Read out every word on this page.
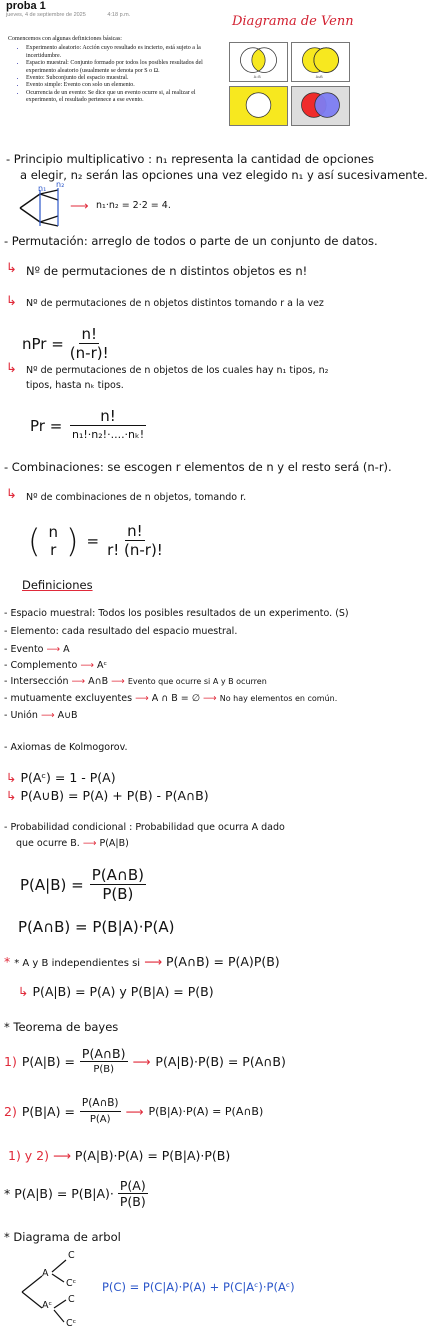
proba 1
jueves, 4 de septiembre de 2025	4:18 p.m.
Comencemos con algunas definiciones básicas:
• Experimento aleatorio: Acción cuyo resultado es incierto, está sujeto a la incertidumbre.
• Espacio muestral: Conjunto formado por todos los posibles resultados del experimento aleatorio (usualmente se denota por S o Ω.
• Evento: Subconjunto del espacio muestral.
• Evento simple: Evento con solo un elemento.
• Ocurrencia de un evento: Se dice que un evento ocurre si, al realizar el experimento, el resultado pertenece a ese evento.
Diagrama de Venn
A∩B	A∪B
- Principio multiplicativo : n₁ representa la cantidad de opciones
a elegir, n₂ serán las opciones una vez elegido n₁ y así sucesivamente.
n₁ n₂
⟶ n₁·n₂ = 2·2 = 4.
- Permutación: arreglo de todos o parte de un conjunto de datos.
↳ Nº de permutaciones de n distintos objetos es n!
↳ Nº de permutaciones de n objetos distintos tomando r a la vez
nPr = $\frac{n!}{(n-r)!}$
↳ Nº de permutaciones de n objetos de los cuales hay n₁ tipos, n₂
tipos, hasta nₖ tipos.
$Pr = \frac{n!}{\text{n₁!·n₂!·....·nₖ!}}$
- Combinaciones: se escogen r elementos de n y el resto será (n-r).
↳ Nº de combinaciones de n objetos, tomando r.
( n
r ) = $\frac{n!}{r! (n-r)!}$
Definiciones
- Espacio muestral: Todos los posibles resultados de un experimento. (S)
- Elemento: cada resultado del espacio muestral.
- Evento ⟶ A
- Complemento ⟶ Aᶜ
- Intersección ⟶ A∩B ⟶ Evento que ocurre si A y B ocurren
- mutuamente excluyentes ⟶ A ∩ B = ∅ ⟶ No hay elementos en común.
- Unión ⟶ A∪B
- Axiomas de Kolmogorov.
↳ P(Aᶜ) = 1 - P(A)
↳ P(A∪B) = P(A) + P(B) - P(A∩B)
- Probabilidad condicional : Probabilidad que ocurra A dado
que ocurre B. ⟶ P(A|B)
$P(A|B) = \frac{P(A\cap B)}{P(B)}$
P(A∩B) = P(B|A)·P(A)
* * A y B independientes si ⟶ P(A∩B) = P(A)P(B)
↳ P(A|B) = P(A) y P(B|A) = P(B)
* Teorema de bayes
1) $P(A|B) = \frac{P(A\cap B)}{P(B)}$ ⟶ P(A|B)·P(B) = P(A∩B)
2) $P(B|A) = \frac{P(A\cap B)}{P(A)}$ ⟶ P(B|A)·P(A) = P(A∩B)
1) y 2) ⟶ P(A|B)·P(A) = P(B|A)·P(B)
* $P(A|B) = P(B|A)\cdot \frac{P(A)}{P(B)}$
* Diagrama de arbol
A
Aᶜ
C
Cᶜ
C
Cᶜ
P(C) = P(C|A)·P(A) + P(C|Aᶜ)·P(Aᶜ)
